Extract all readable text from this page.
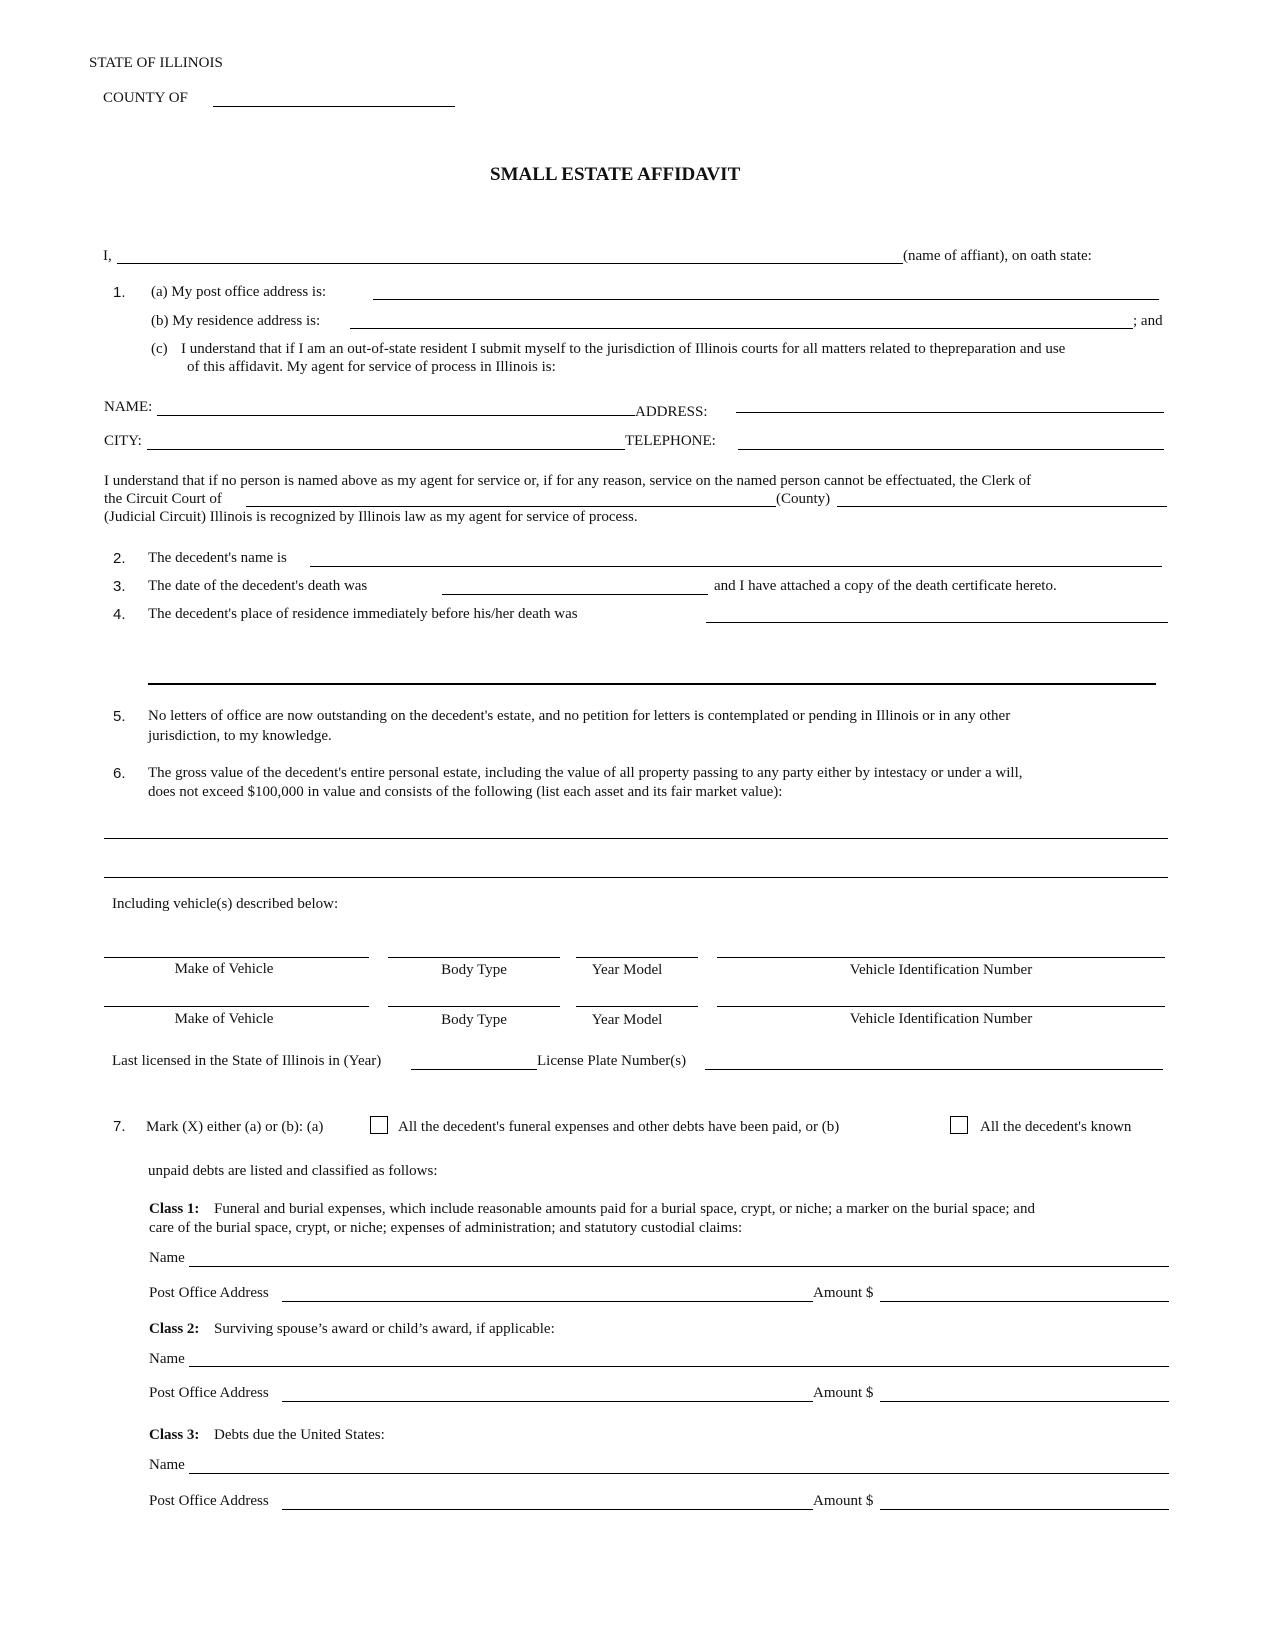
STATE OF ILLINOIS
COUNTY OF
SMALL ESTATE AFFIDAVIT
I,	(name of affiant), on oath state:
1. (a) My post office address is:
(b) My residence address is:	; and
(c) I understand that if I am an out-of-state resident I submit myself to the jurisdiction of Illinois courts for all matters related to thepreparation and use
of this affidavit. My agent for service of process in Illinois is:
NAME:	ADDRESS:
CITY:	TELEPHONE:
I understand that if no person is named above as my agent for service or, if for any reason, service on the named person cannot be effectuated, the Clerk of
the Circuit Court of	(County)
(Judicial Circuit) Illinois is recognized by Illinois law as my agent for service of process.
2. The decedent's name is
3. The date of the decedent's death was	and I have attached a copy of the death certificate hereto.
4. The decedent's place of residence immediately before his/her death was
5. No letters of office are now outstanding on the decedent's estate, and no petition for letters is contemplated or pending in Illinois or in any other
jurisdiction, to my knowledge.
6. The gross value of the decedent's entire personal estate, including the value of all property passing to any party either by intestacy or under a will,
does not exceed $100,000 in value and consists of the following (list each asset and its fair market value):
Including vehicle(s) described below:
Make of Vehicle	Body Type	Year Model	Vehicle Identification Number
Make of Vehicle	Body Type	Year Model	Vehicle Identification Number
Last licensed in the State of Illinois in (Year)	License Plate Number(s)
7. Mark (X) either (a) or (b): (a)	All the decedent's funeral expenses and other debts have been paid, or (b)	All the decedent's known
unpaid debts are listed and classified as follows:
Class 1: Funeral and burial expenses, which include reasonable amounts paid for a burial space, crypt, or niche; a marker on the burial space; and
care of the burial space, crypt, or niche; expenses of administration; and statutory custodial claims:
Name
Post Office Address	Amount $
Class 2: Surviving spouse’s award or child’s award, if applicable:
Name
Post Office Address	Amount $
Class 3: Debts due the United States:
Name
Post Office Address	Amount $
